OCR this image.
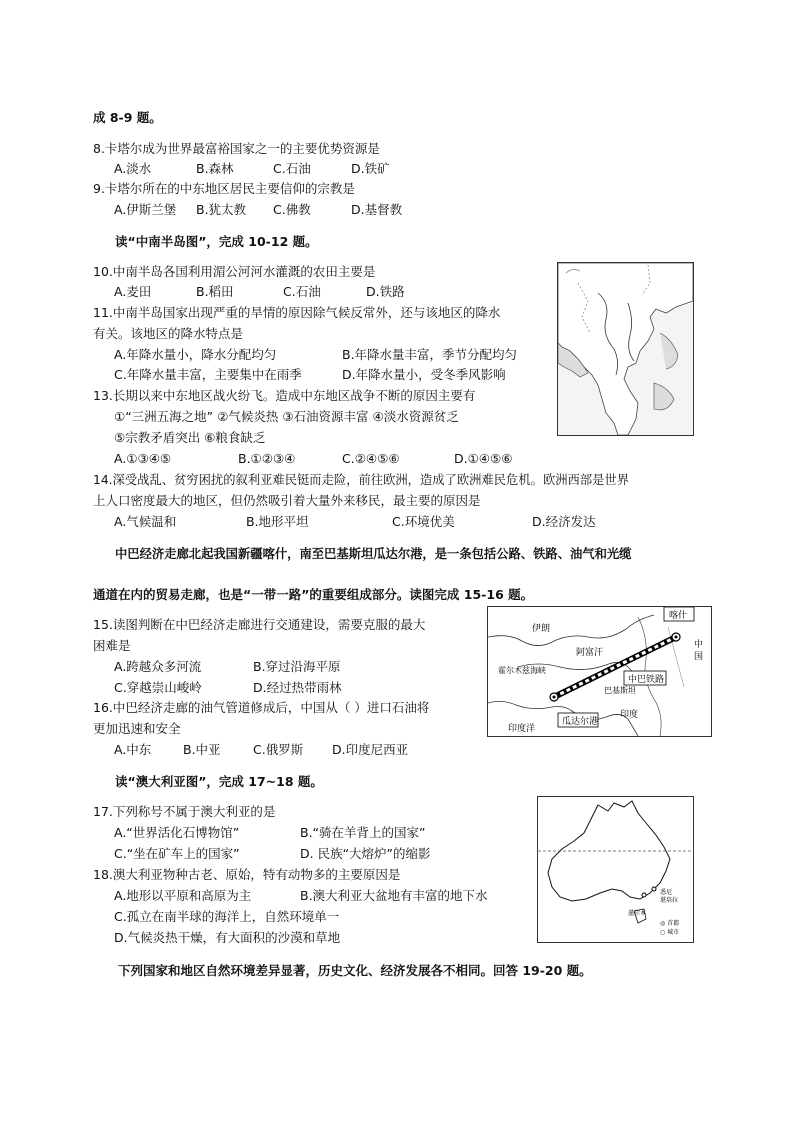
成 8-9 题。
8.卡塔尔成为世界最富裕国家之一的主要优势资源是
A.淡水	B.森林	C.石油	D.铁矿
9.卡塔尔所在的中东地区居民主要信仰的宗教是
A.伊斯兰堡 B.犹太教 C.佛教	D.基督教
读“中南半岛图”，完成 10-12 题。
10.中南半岛各国利用湄公河河水灌溉的农田主要是
A.麦田	B.稻田	C.石油	D.铁路
11.中南半岛国家出现严重的旱情的原因除气候反常外，还与该地区的降水
有关。该地区的降水特点是
A.年降水量小，降水分配均匀	B.年降水量丰富，季节分配均匀
C.年降水量丰富，主要集中在雨季	D.年降水量小，受冬季风影响
13.长期以来中东地区战火纷飞。造成中东地区战争不断的原因主要有
①“三洲五海之地” ②气候炎热 ③石油资源丰富 ④淡水资源贫乏
⑤宗教矛盾突出 ⑥粮食缺乏
A.①③④⑤	B.①②③④	C.②④⑤⑥	D.①④⑤⑥
14.深受战乱、贫穷困扰的叙利亚难民铤而走险，前往欧洲，造成了欧洲难民危机。欧洲西部是世界
上人口密度最大的地区，但仍然吸引着大量外来移民，最主要的原因是
A.气候温和	B.地形平坦	C.环境优美	D.经济发达
中巴经济走廊北起我国新疆喀什，南至巴基斯坦瓜达尔港，是一条包括公路、铁路、油气和光缆
通道在内的贸易走廊，也是“一带一路”的重要组成部分。读图完成 15-16 题。
15.读图判断在中巴经济走廊进行交通建设，需要克服的最大
困难是
A.跨越众多河流	B.穿过沿海平原
C.穿越崇山峻岭	D.经过热带雨林
16.中巴经济走廊的油气管道修成后，中国从（ ）进口石油将
更加迅速和安全
A.中东	B.中亚	C.俄罗斯 D.印度尼西亚
读“澳大利亚图”，完成 17~18 题。
17.下列称号不属于澳大利亚的是
A.“世界活化石博物馆”	B.“骑在羊背上的国家”
C.“坐在矿车上的国家”	D. 民族“大熔炉”的缩影
18.澳大利亚物种古老、原始，特有动物多的主要原因是
A.地形以平原和高原为主	B.澳大利亚大盆地有丰富的地下水
C.孤立在南半球的海洋上，自然环境单一
D.气候炎热干燥，有大面积的沙漠和草地
下列国家和地区自然环境差异显著，历史文化、经济发展各不相同。回答 19-20 题。
喀什
中
国
伊朗
阿富汗
霍尔木兹海峡
巴基斯坦
中巴铁路
印度
瓜达尔港
印度洋
悉尼
堪培拉
墨尔本
◎ 首都
○ 城市
